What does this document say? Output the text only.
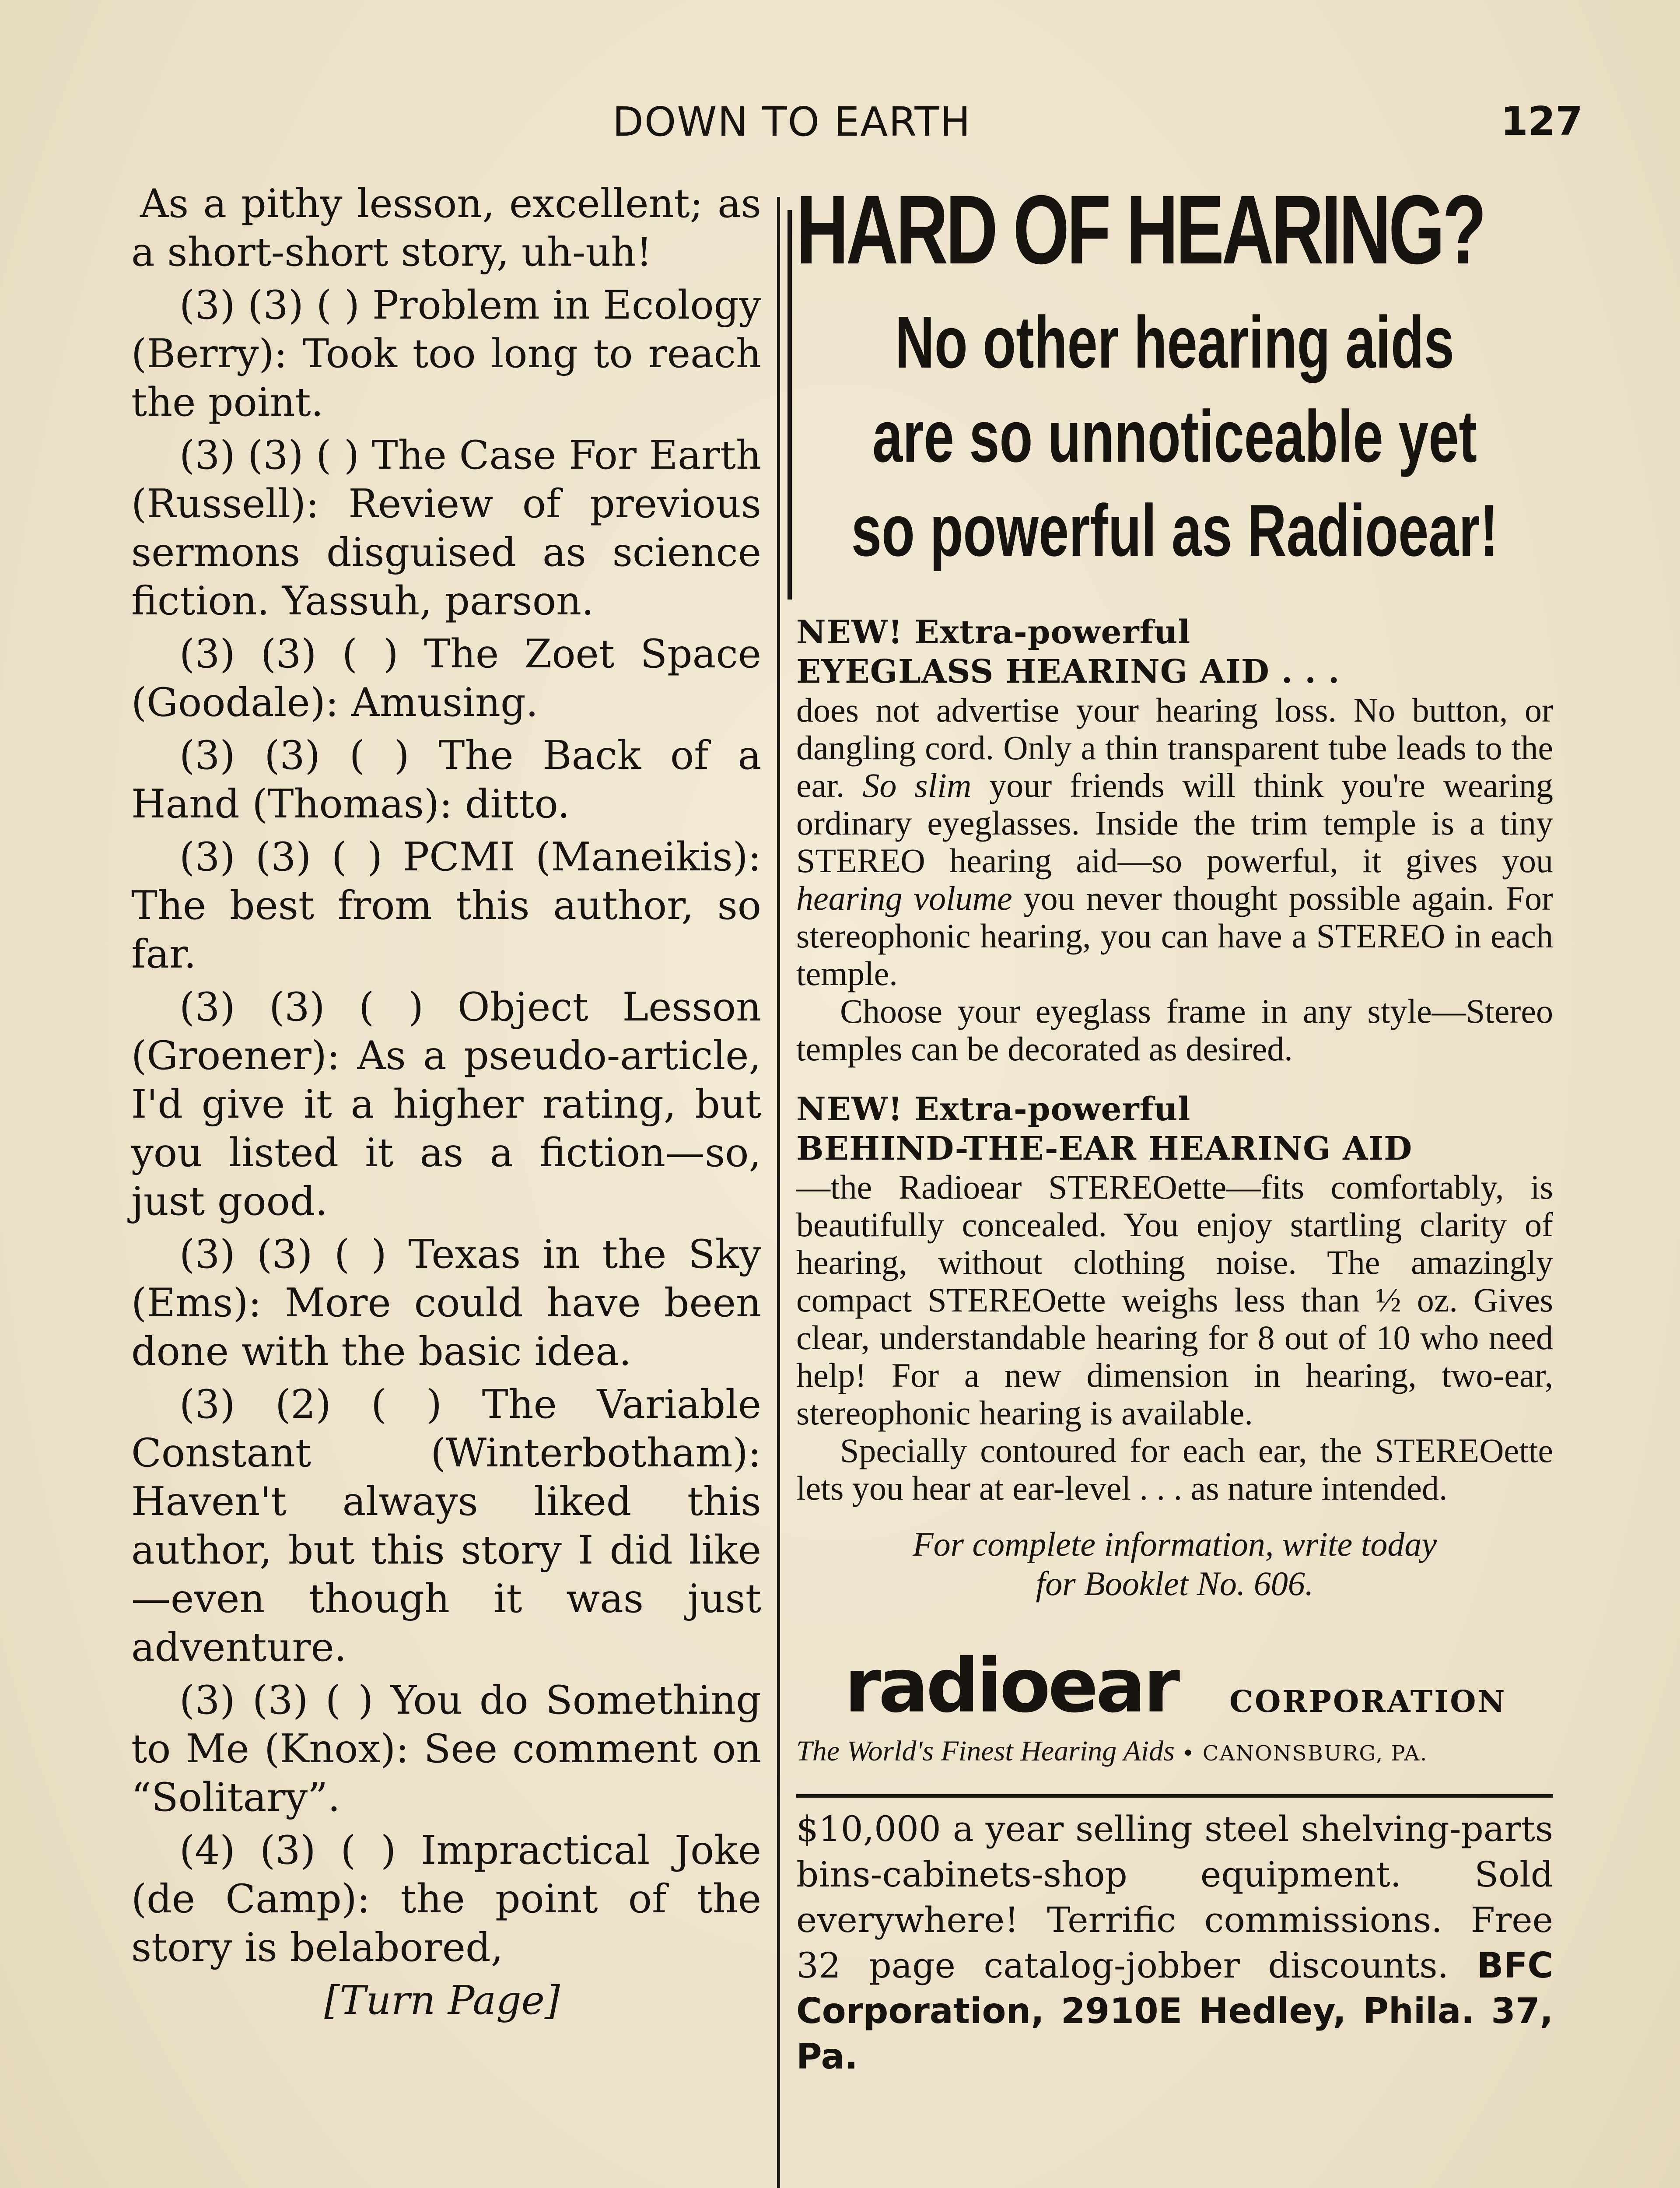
DOWN TO EARTH	127

As a pithy lesson, excellent; as a short-short story, uh-uh!

(3) (3) ( ) Problem in Ecology (Berry): Took too long to reach the point.

(3) (3) ( ) The Case For Earth (Russell): Review of previous sermons disguised as science fiction. Yassuh, parson.

(3) (3) ( ) The Zoet Space (Goodale): Amusing.

(3) (3) ( ) The Back of a Hand (Thomas): ditto.

(3) (3) ( ) PCMI (Maneikis): The best from this author, so far.

(3) (3) ( ) Object Lesson (Groener): As a pseudo-article, I'd give it a higher rating, but you listed it as a fiction—so, just good.

(3) (3) ( ) Texas in the Sky (Ems): More could have been done with the basic idea.

(3) (2) ( ) The Variable Constant (Winterbotham): Haven't always liked this author, but this story I did like—even though it was just adventure.

(3) (3) ( ) You do Something to Me (Knox): See comment on “Solitary”.

(4) (3) ( ) Impractical Joke (de Camp): the point of the story is belabored,

[Turn Page]
HARD OF HEARING?
No other hearing aids
are so unnoticeable yet
so powerful as Radioear!
NEW! Extra-powerful
EYEGLASS HEARING AID . . .

does not advertise your hearing loss. No button, or dangling cord. Only a thin transparent tube leads to the ear. So slim your friends will think you're wearing ordinary eyeglasses. Inside the trim temple is a tiny STEREO hearing aid—so powerful, it gives you hearing volume you never thought possible again. For stereophonic hearing, you can have a STEREO in each temple.

Choose your eyeglass frame in any style—Stereo temples can be decorated as desired.

NEW! Extra-powerful
BEHIND-THE-EAR HEARING AID

—the Radioear STEREOette—fits comfortably, is beautifully concealed. You enjoy startling clarity of hearing, without clothing noise. The amazingly compact STEREOette weighs less than ½ oz. Gives clear, understandable hearing for 8 out of 10 who need help! For a new dimension in hearing, two-ear, stereophonic hearing is available.

Specially contoured for each ear, the STEREOette lets you hear at ear-level . . . as nature intended.

For complete information, write today
for Booklet No. 606.
radioear CORPORATION
The World's Finest Hearing Aids • CANONSBURG, PA.

$10,000 a year selling steel shelving-parts bins-cabinets-shop equipment. Sold everywhere! Terrific commissions. Free 32 page catalog-jobber discounts. BFC Corporation, 2910E Hedley, Phila. 37, Pa.
